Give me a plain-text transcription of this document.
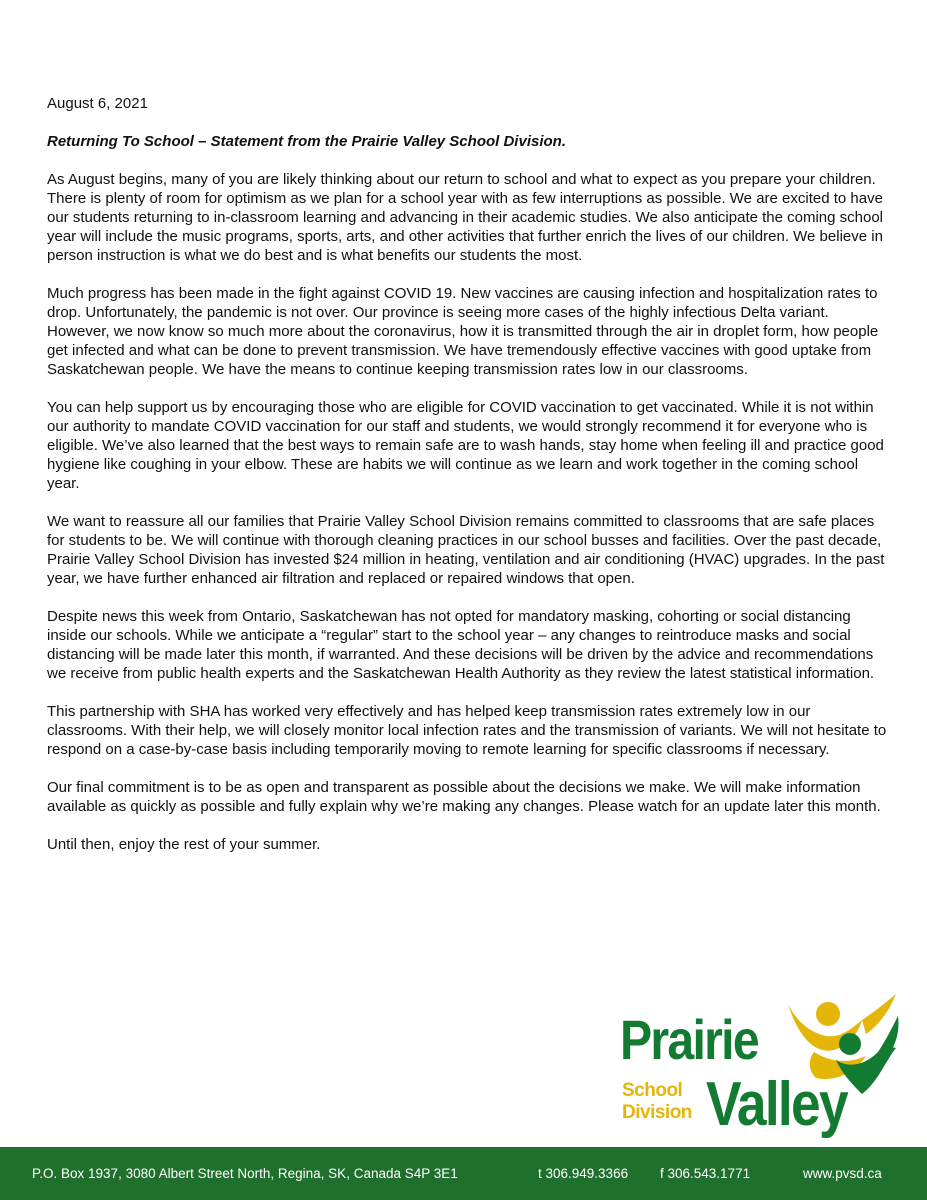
August 6, 2021
Returning To School – Statement from the Prairie Valley School Division.

As August begins, many of you are likely thinking about our return to school and what to expect as you prepare your children. There is plenty of room for optimism as we plan for a school year with as few interruptions as possible. We are excited to have our students returning to in-classroom learning and advancing in their academic studies. We also anticipate the coming school year will include the music programs, sports, arts, and other activities that further enrich the lives of our children. We believe in person instruction is what we do best and is what benefits our students the most.

Much progress has been made in the fight against COVID 19. New vaccines are causing infection and hospitalization rates to drop. Unfortunately, the pandemic is not over. Our province is seeing more cases of the highly infectious Delta variant. However, we now know so much more about the coronavirus, how it is transmitted through the air in droplet form, how people get infected and what can be done to prevent transmission. We have tremendously effective vaccines with good uptake from Saskatchewan people. We have the means to continue keeping transmission rates low in our classrooms.

You can help support us by encouraging those who are eligible for COVID vaccination to get vaccinated. While it is not within our authority to mandate COVID vaccination for our staff and students, we would strongly recommend it for everyone who is eligible. We’ve also learned that the best ways to remain safe are to wash hands, stay home when feeling ill and practice good hygiene like coughing in your elbow. These are habits we will continue as we learn and work together in the coming school year.

We want to reassure all our families that Prairie Valley School Division remains committed to classrooms that are safe places for students to be. We will continue with thorough cleaning practices in our school busses and facilities. Over the past decade, Prairie Valley School Division has invested $24 million in heating, ventilation and air conditioning (HVAC) upgrades. In the past year, we have further enhanced air filtration and replaced or repaired windows that open.

Despite news this week from Ontario, Saskatchewan has not opted for mandatory masking, cohorting or social distancing inside our schools. While we anticipate a “regular” start to the school year – any changes to reintroduce masks and social distancing will be made later this month, if warranted. And these decisions will be driven by the advice and recommendations we receive from public health experts and the Saskatchewan Health Authority as they review the latest statistical information.

This partnership with SHA has worked very effectively and has helped keep transmission rates extremely low in our classrooms. With their help, we will closely monitor local infection rates and the transmission of variants. We will not hesitate to respond on a case-by-case basis including temporarily moving to remote learning for specific classrooms if necessary.

Our final commitment is to be as open and transparent as possible about the decisions we make. We will make information available as quickly as possible and fully explain why we’re making any changes. Please watch for an update later this month.

Until then, enjoy the rest of your summer.

Prairie
Valley
School
Division
P.O. Box 1937, 3080 Albert Street North, Regina, SK, Canada S4P 3E1	t 306.949.3366 f 306.543.1771	www.pvsd.ca
